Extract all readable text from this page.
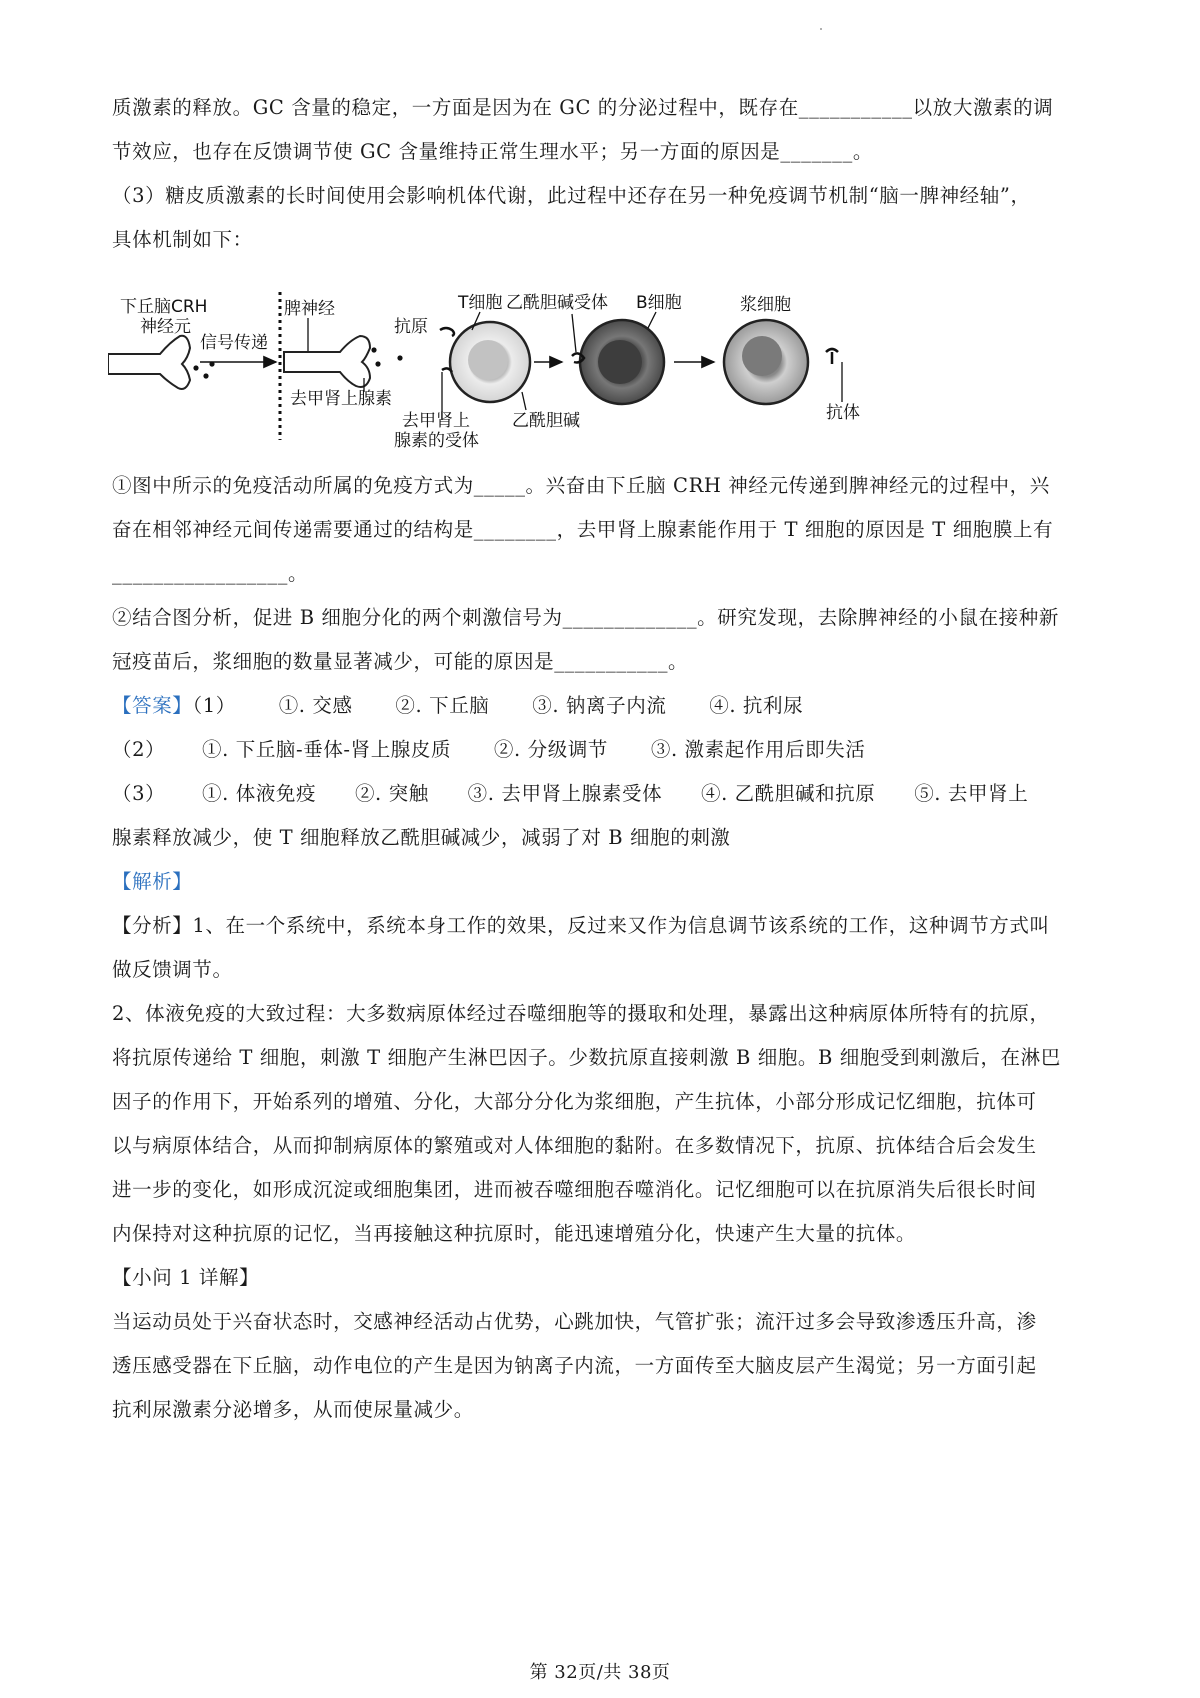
质激素的释放。GC 含量的稳定，一方面是因为在 GC 的分泌过程中，既存在___________以放大激素的调
节效应，也存在反馈调节使 GC 含量维持正常生理水平；另一方面的原因是_______。
（3）糖皮质激素的长时间使用会影响机体代谢，此过程中还存在另一种免疫调节机制“脑一脾神经轴”，
具体机制如下：
下丘脑CRH
神经元
信号传递
脾神经
去甲肾上腺素
T细胞
抗原
去甲肾上
腺素的受体
乙酰胆碱
乙酰胆碱受体 B细胞	浆细胞
抗体
①图中所示的免疫活动所属的免疫方式为_____。兴奋由下丘脑 CRH 神经元传递到脾神经元的过程中，兴
奋在相邻神经元间传递需要通过的结构是________，去甲肾上腺素能作用于 T 细胞的原因是 T 细胞膜上有
_________________。
②结合图分析，促进 B 细胞分化的两个刺激信号为_____________。研究发现，去除脾神经的小鼠在接种新
冠疫苗后，浆细胞的数量显著减少，可能的原因是___________。
【答案】（1） ①. 交感 ②. 下丘脑 ③. 钠离子内流 ④. 抗利尿
（2） ①. 下丘脑-垂体-肾上腺皮质 ②. 分级调节 ③. 激素起作用后即失活
（3） ①. 体液免疫 ②. 突触 ③. 去甲肾上腺素受体 ④. 乙酰胆碱和抗原 ⑤. 去甲肾上
腺素释放减少，使 T 细胞释放乙酰胆碱减少，减弱了对 B 细胞的刺激
【解析】
【分析】1、在一个系统中，系统本身工作的效果，反过来又作为信息调节该系统的工作，这种调节方式叫
做反馈调节。
2、体液免疫的大致过程：大多数病原体经过吞噬细胞等的摄取和处理，暴露出这种病原体所特有的抗原，
将抗原传递给 T 细胞，刺激 T 细胞产生淋巴因子。少数抗原直接刺激 B 细胞。B 细胞受到刺激后，在淋巴
因子的作用下，开始系列的增殖、分化，大部分分化为浆细胞，产生抗体，小部分形成记忆细胞，抗体可
以与病原体结合，从而抑制病原体的繁殖或对人体细胞的黏附。在多数情况下，抗原、抗体结合后会发生
进一步的变化，如形成沉淀或细胞集团，进而被吞噬细胞吞噬消化。记忆细胞可以在抗原消失后很长时间
内保持对这种抗原的记忆，当再接触这种抗原时，能迅速增殖分化，快速产生大量的抗体。
【小问 1 详解】
当运动员处于兴奋状态时，交感神经活动占优势，心跳加快，气管扩张；流汗过多会导致渗透压升高，渗
透压感受器在下丘脑，动作电位的产生是因为钠离子内流，一方面传至大脑皮层产生渴觉；另一方面引起
抗利尿激素分泌增多，从而使尿量减少。
第 32页/共 38页
